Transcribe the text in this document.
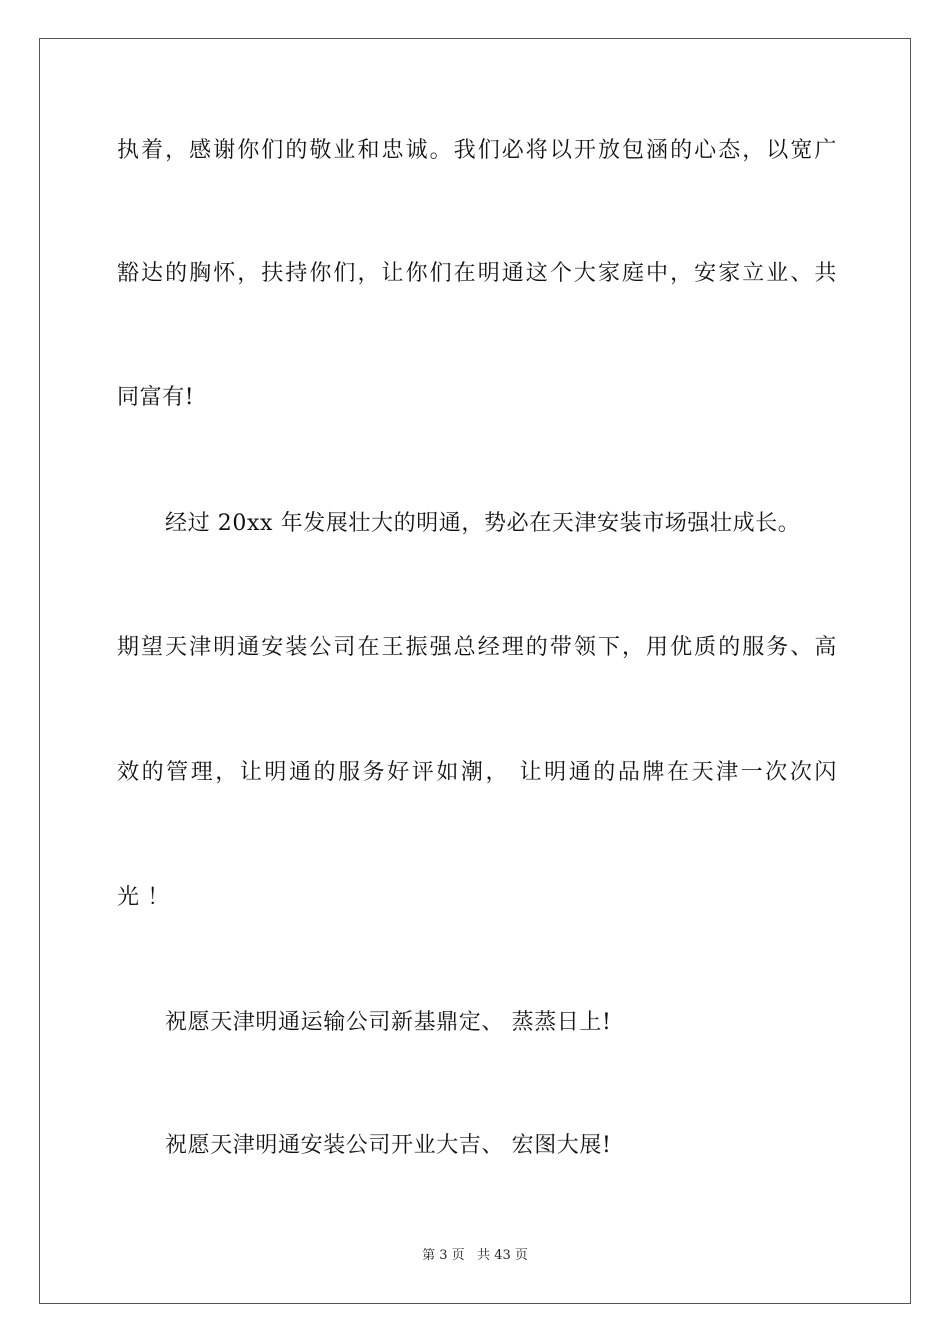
执着，感谢你们的敬业和忠诚。我们必将以开放包涵的心态，以宽广
豁达的胸怀，扶持你们，让你们在明通这个大家庭中，安家立业、共
同富有!
经过 20xx 年发展壮大的明通，势必在天津安装市场强壮成长。
期望天津明通安装公司在王振强总经理的带领下，用优质的服务、高
效的管理，让明通的服务好评如潮， 让明通的品牌在天津一次次闪
光 ！
祝愿天津明通运输公司新基鼎定、 蒸蒸日上!
祝愿天津明通安装公司开业大吉、 宏图大展!
第 3 页   共 43 页
